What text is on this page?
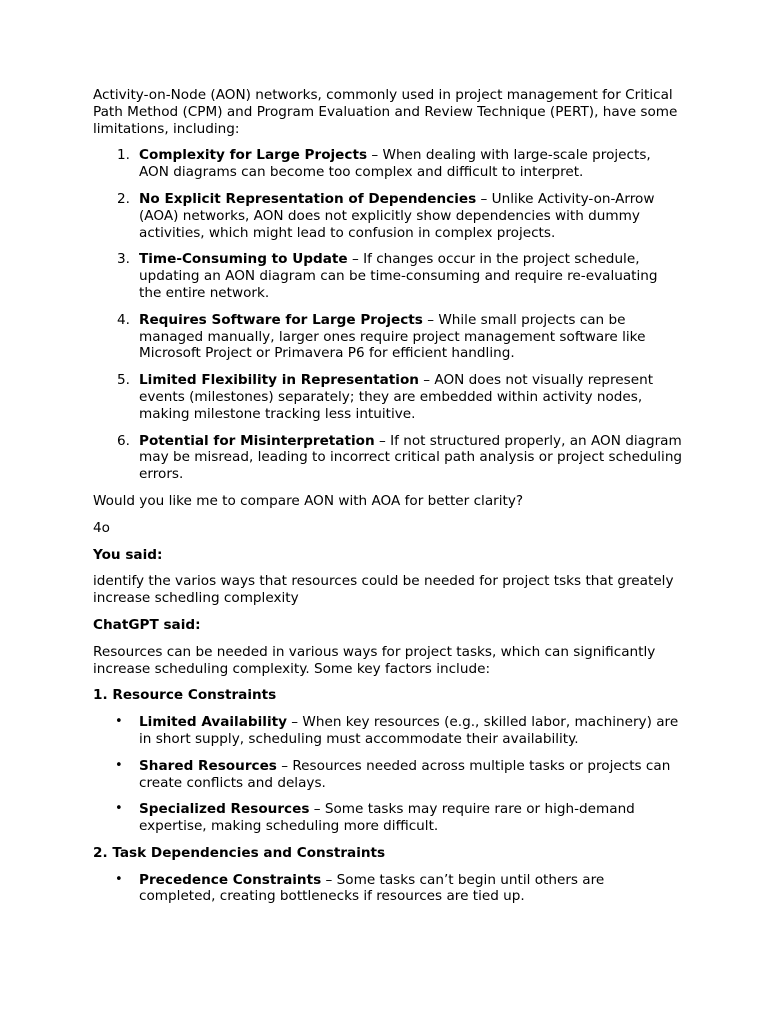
Activity-on-Node (AON) networks, commonly used in project management for Critical Path Method (CPM) and Program Evaluation and Review Technique (PERT), have some limitations, including:

1. Complexity for Large Projects – When dealing with large-scale projects, AON diagrams can become too complex and difficult to interpret.
2. No Explicit Representation of Dependencies – Unlike Activity-on-Arrow (AOA) networks, AON does not explicitly show dependencies with dummy activities, which might lead to confusion in complex projects.
3. Time-Consuming to Update – If changes occur in the project schedule, updating an AON diagram can be time-consuming and require re-evaluating the entire network.
4. Requires Software for Large Projects – While small projects can be managed manually, larger ones require project management software like Microsoft Project or Primavera P6 for efficient handling.
5. Limited Flexibility in Representation – AON does not visually represent events (milestones) separately; they are embedded within activity nodes, making milestone tracking less intuitive.
6. Potential for Misinterpretation – If not structured properly, an AON diagram may be misread, leading to incorrect critical path analysis or project scheduling errors.

Would you like me to compare AON with AOA for better clarity?

4o

You said:

identify the varios ways that resources could be needed for project tsks that greately increase schedling complexity

ChatGPT said:

Resources can be needed in various ways for project tasks, which can significantly increase scheduling complexity. Some key factors include:

1. Resource Constraints

• Limited Availability – When key resources (e.g., skilled labor, machinery) are in short supply, scheduling must accommodate their availability.
• Shared Resources – Resources needed across multiple tasks or projects can create conflicts and delays.
• Specialized Resources – Some tasks may require rare or high-demand expertise, making scheduling more difficult.

2. Task Dependencies and Constraints

• Precedence Constraints – Some tasks can’t begin until others are completed, creating bottlenecks if resources are tied up.
